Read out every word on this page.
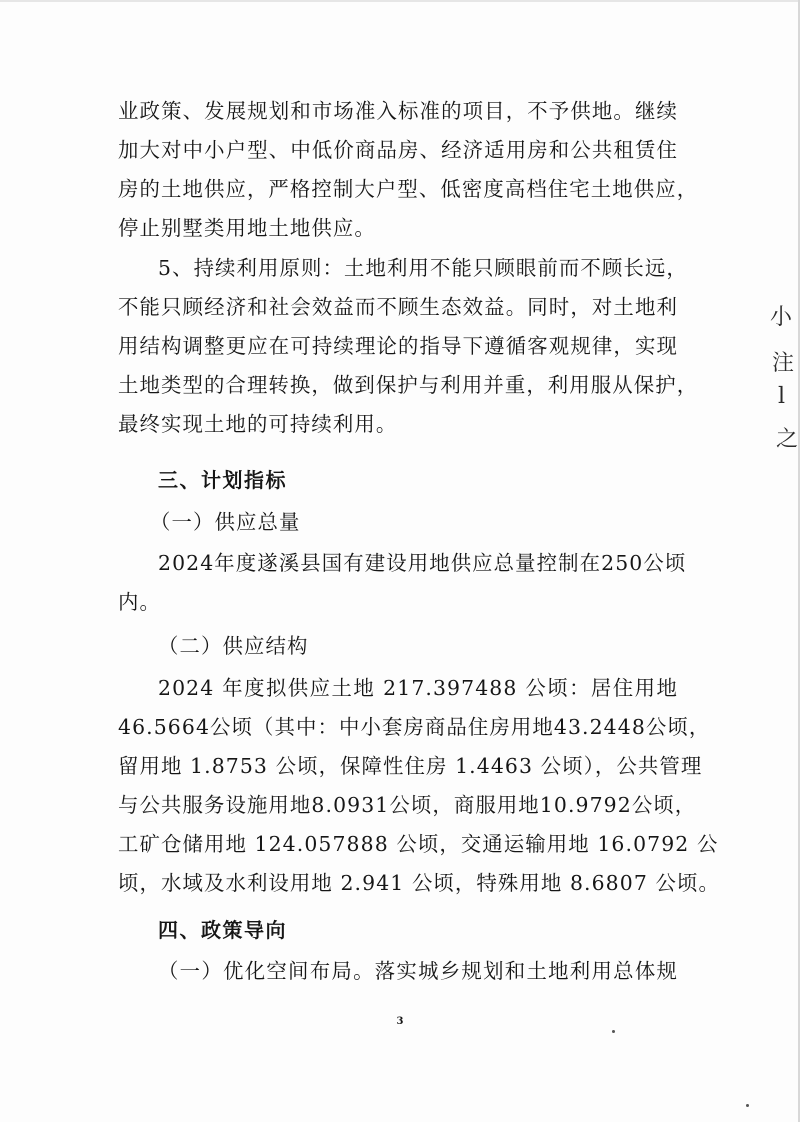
业政策、发展规划和市场准入标准的项目，不予供地。继续
加大对中小户型、中低价商品房、经济适用房和公共租赁住
房的土地供应，严格控制大户型、低密度高档住宅土地供应，
停止别墅类用地土地供应。
5、持续利用原则：土地利用不能只顾眼前而不顾长远，
不能只顾经济和社会效益而不顾生态效益。同时，对土地利
用结构调整更应在可持续理论的指导下遵循客观规律，实现
土地类型的合理转换，做到保护与利用并重，利用服从保护，
最终实现土地的可持续利用。
三、计划指标
（一）供应总量
2024年度遂溪县国有建设用地供应总量控制在250公顷
内。
（二）供应结构
2024 年度拟供应土地 217.397488 公顷：居住用地
46.5664公顷（其中：中小套房商品住房用地43.2448公顷，
留用地 1.8753 公顷，保障性住房 1.4463 公顷），公共管理
与公共服务设施用地8.0931公顷，商服用地10.9792公顷，
工矿仓储用地 124.057888 公顷，交通运输用地 16.0792 公
顷，水域及水利设用地 2.941 公顷，特殊用地 8.6807 公顷。
四、政策导向
（一）优化空间布局。落实城乡规划和土地利用总体规
3
小
注
l
之
